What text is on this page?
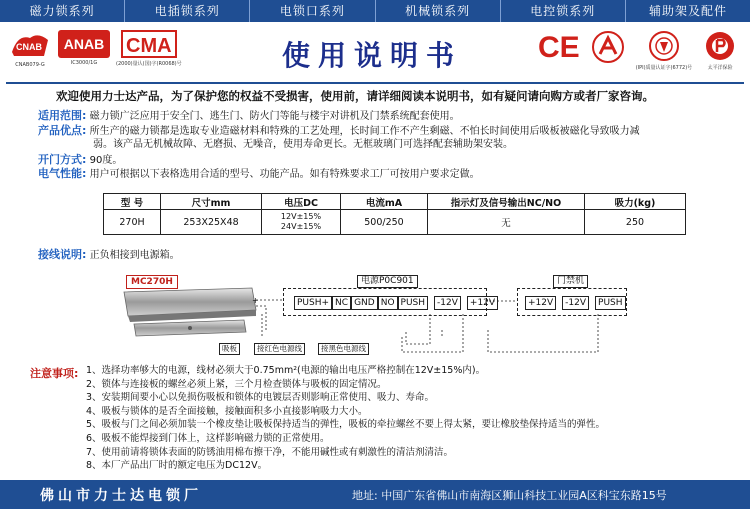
磁力锁系列	电插锁系列	电锁口系列	机械锁系列	电控锁系列	辅助架及配件
CNAB
CNAB079-G
ANAB
IC3000/1G
CMA
(2000)量认(国)字(R0068)号	使用说明书	CE
(IPI)质量认证字(6772)号	太平洋保险
欢迎使用力士达产品，为了保护您的权益不受损害，使用前，请详细阅读本说明书，如有疑问请向购方或者厂家咨询。
适用范围: 磁力锁广泛应用于安全门、逃生门、防火门等能与楼宇对讲机及门禁系统配套使用。
产品优点: 所生产的磁力锁都是选取专业造磁材料和特殊的工艺处理，长时间工作不产生剩磁、不怕长时间使用后吸板被磁化导致吸力减
弱。该产品无机械故障、无磨损、无噪音，使用寿命更长。无框玻璃门可选择配套辅助架安装。
开门方式: 90度。
电气性能: 用户可根据以下表格选用合适的型号、功能产品。如有特殊要求工厂可按用户要求定做。
型 号	尺寸mm	电压DC	电流mA	指示灯及信号输出NC/NO	吸力(kg)
270H	253X25X48	12V±15%
24V±15%	500/250	无	250
接线说明: 正负相接到电源箱。
MC270H	电源P0C901
PUSH+ NC GND NO PUSH	-12V	+12V
门禁机
+12V	-12V	PUSH
+
吸板	接红色电源线	接黑色电源线
注意事项: 1、选择功率够大的电源，线材必须大于0.75mm²(电源的输出电压严格控制在12V±15%内)。
2、锁体与连接板的螺丝必须上紧，三个月检查锁体与吸板的固定情况。
3、安装期间要小心以免损伤吸板和锁体的电镀层否则影响正常使用、吸力、寿命。
4、吸板与锁体的是否全面接触，接触面积多小直接影响吸力大小。
5、吸板与门之间必须加装一个橡皮垫让吸板保持适当的弹性，吸板的牵拉螺丝不要上得太紧，要让橡胶垫保持适当的弹性。
6、吸板不能焊接到门体上，这样影响磁力锁的正常使用。
7、使用前请将锁体表面的防锈油用棉布擦干净，不能用碱性或有刺激性的清洁剂清洁。
8、本厂产品出厂时的额定电压为DC12V。
佛山市力士达电锁厂	地址: 中国广东省佛山市南海区狮山科技工业园A区科宝东路15号
